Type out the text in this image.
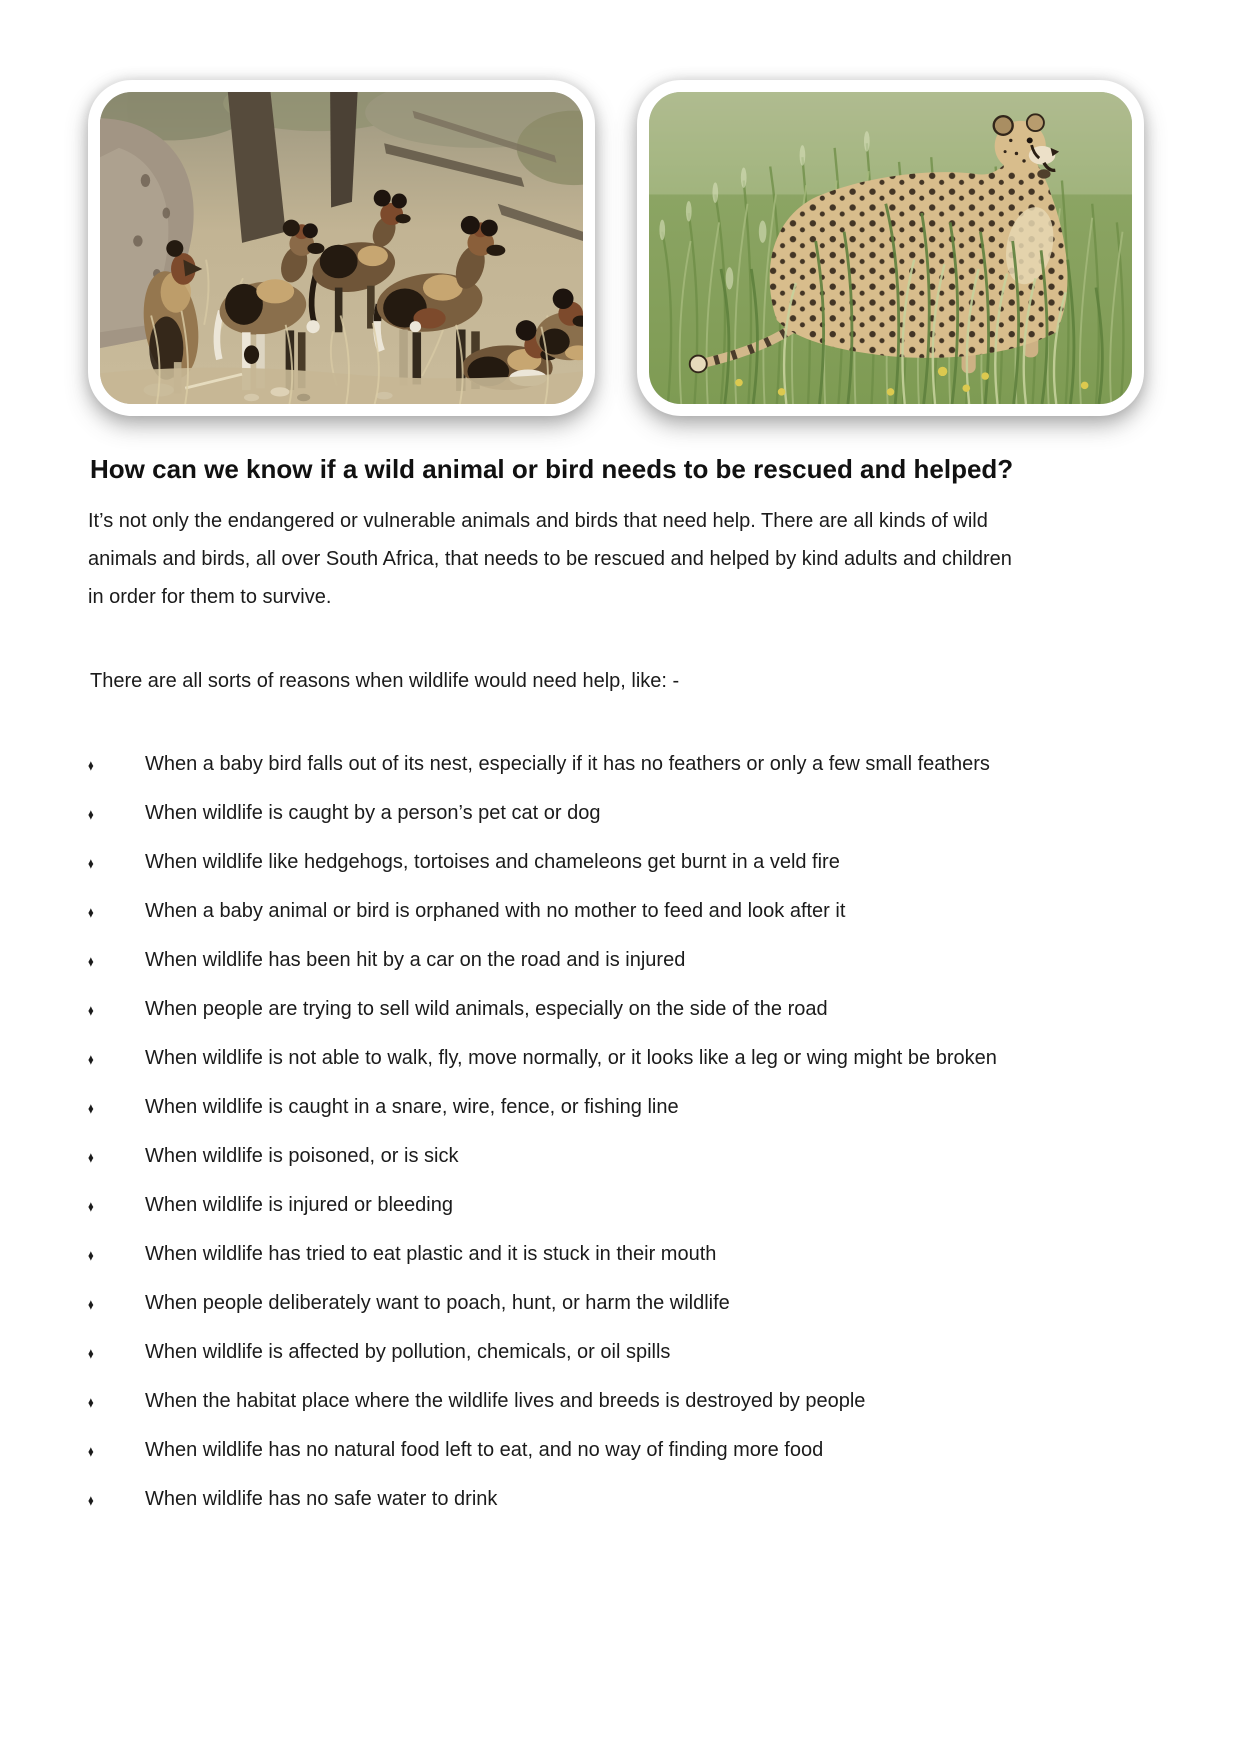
How can we know if a wild animal or bird needs to be rescued and helped?
It’s not only the endangered or vulnerable animals and birds that need help. There are all kinds of wild
animals and birds, all over South Africa, that needs to be rescued and helped by kind adults and children
in order for them to survive.

There are all sorts of reasons when wildlife would need help, like: -

♦	When a baby bird falls out of its nest, especially if it has no feathers or only a few small feathers
♦	When wildlife is caught by a person’s pet cat or dog
♦	When wildlife like hedgehogs, tortoises and chameleons get burnt in a veld fire
♦	When a baby animal or bird is orphaned with no mother to feed and look after it
♦	When wildlife has been hit by a car on the road and is injured
♦	When people are trying to sell wild animals, especially on the side of the road
♦	When wildlife is not able to walk, fly, move normally, or it looks like a leg or wing might be broken
♦	When wildlife is caught in a snare, wire, fence, or fishing line
♦	When wildlife is poisoned, or is sick
♦	When wildlife is injured or bleeding
♦	When wildlife has tried to eat plastic and it is stuck in their mouth
♦	When people deliberately want to poach, hunt, or harm the wildlife
♦	When wildlife is affected by pollution, chemicals, or oil spills
♦	When the habitat place where the wildlife lives and breeds is destroyed by people
♦	When wildlife has no natural food left to eat, and no way of finding more food
♦	When wildlife has no safe water to drink
